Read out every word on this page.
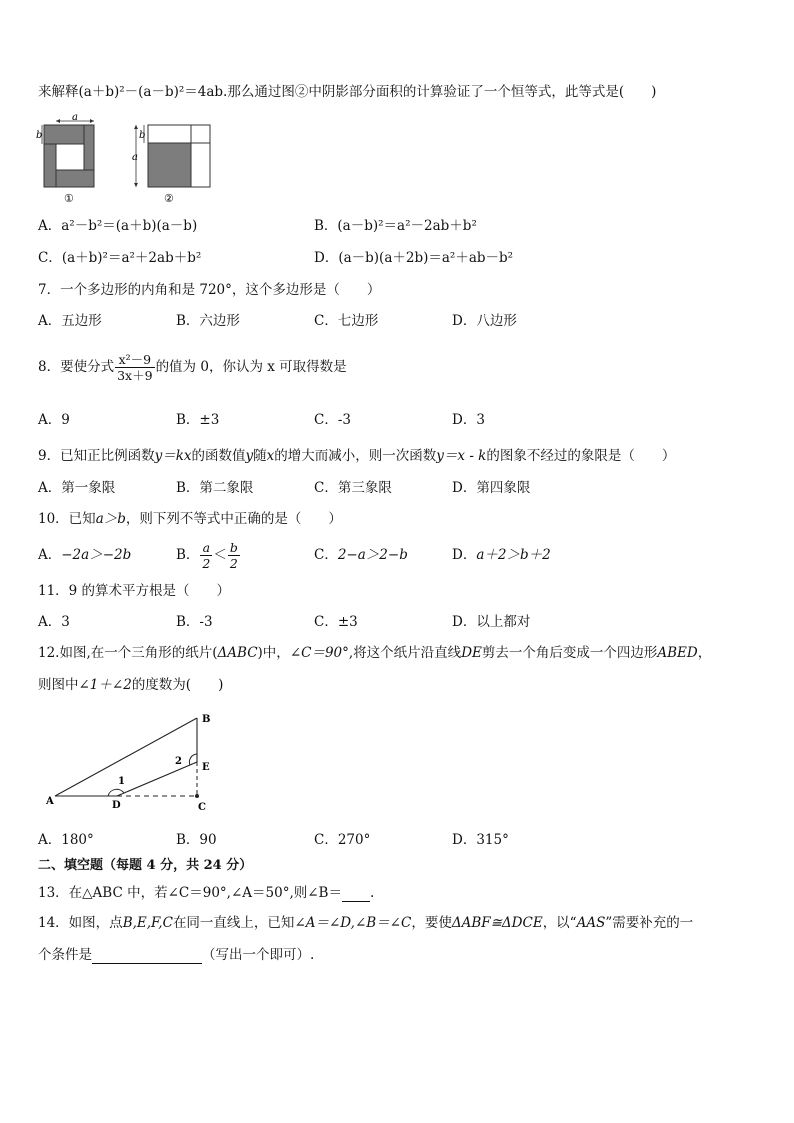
来解释(a＋b)²－(a－b)²＝4ab.那么通过图②中阴影部分面积的计算验证了一个恒等式，此等式是(　　)
a
b
①
a
b
②
A．a²－b²＝(a＋b)(a－b)	B．(a－b)²＝a²－2ab＋b²
C．(a＋b)²＝a²＋2ab＋b²	D．(a－b)(a＋2b)＝a²＋ab－b²
7．一个多边形的内角和是 720°，这个多边形是（　　）
A．五边形	B．六边形	C．七边形	D．八边形
8．要使分式 $\frac{\text{x²－9}}{3x+9}$ 的值为 0，你认为 x 可取得数是
A．9	B．±3	C．-3	D．3
9．已知正比例函数y＝kx的函数值y随x的增大而减小，则一次函数y＝x - k的图象不经过的象限是（　　）
A．第一象限	B．第二象限	C．第三象限	D．第四象限
10．已知a＞b，则下列不等式中正确的是（　　）
A．−2a＞−2b	B． $\frac{a}{2} < \frac{b}{2}$	C．2−a＞2−b	D．a＋2＞b＋2
11．9 的算术平方根是（　　）
A．3	B．-3	C．±3	D．以上都对
12.如图,在一个三角形的纸片(ΔABC)中，∠C＝90°,将这个纸片沿直线DE剪去一个角后变成一个四边形ABED，
则图中∠1＋∠2的度数为(　　)
A
B
C
D
E
1
2
A．180°	B．90	C．270°	D．315°
二、填空题（每题 4 分，共 24 分）
13．在△ABC 中，若∠C＝90°,∠A＝50°,则∠B＝ .
14．如图，点B,E,F,C在同一直线上，已知∠A＝∠D,∠B＝∠C，要使ΔABF≅ΔDCE，以“AAS”需要补充的一
个条件是	（写出一个即可）.
